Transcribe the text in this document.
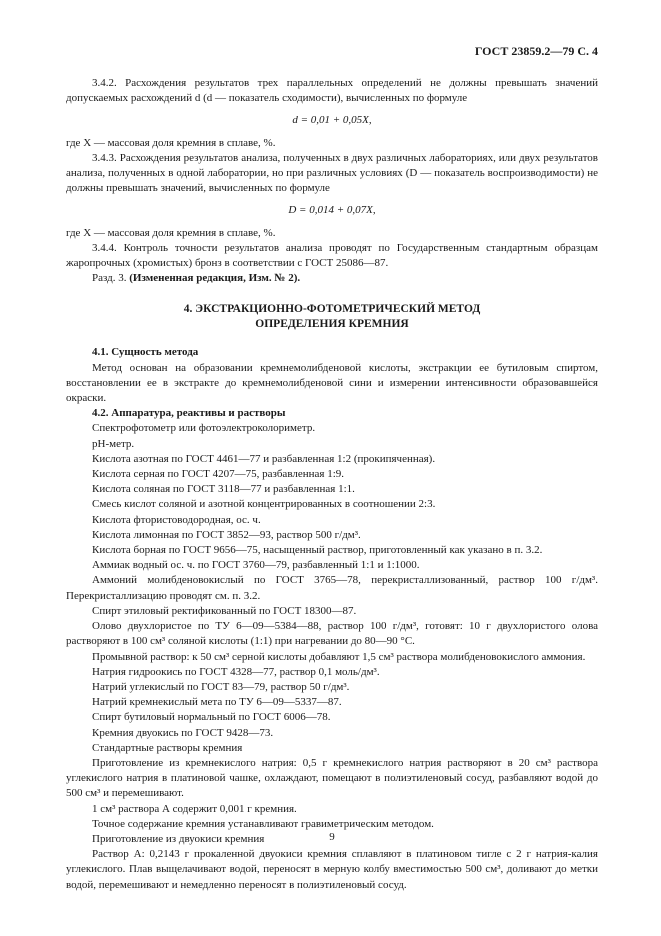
ГОСТ 23859.2—79 С. 4

3.4.2. Расхождения результатов трех параллельных определений не должны превышать значений допускаемых расхождений d (d — показатель сходимости), вычисленных по формуле

d = 0,01 + 0,05X,

где X — массовая доля кремния в сплаве, %.

3.4.3. Расхождения результатов анализа, полученных в двух различных лабораториях, или двух результатов анализа, полученных в одной лаборатории, но при различных условиях (D — показатель воспроизводимости) не должны превышать значений, вычисленных по формуле

D = 0,014 + 0,07X,

где X — массовая доля кремния в сплаве, %.

3.4.4. Контроль точности результатов анализа проводят по Государственным стандартным образцам жаропрочных (хромистых) бронз в соответствии с ГОСТ 25086—87.

Разд. 3. (Измененная редакция, Изм. № 2).

4. ЭКСТРАКЦИОННО-ФОТОМЕТРИЧЕСКИЙ МЕТОД
ОПРЕДЕЛЕНИЯ КРЕМНИЯ

4.1. Сущность метода

Метод основан на образовании кремнемолибденовой кислоты, экстракции ее бутиловым спиртом, восстановлении ее в экстракте до кремнемолибденовой сини и измерении интенсивности образовавшейся окраски.

4.2. Аппаратура, реактивы и растворы

Спектрофотометр или фотоэлектроколориметр.

pH-метр.

Кислота азотная по ГОСТ 4461—77 и разбавленная 1:2 (прокипяченная).

Кислота серная по ГОСТ 4207—75, разбавленная 1:9.

Кислота соляная по ГОСТ 3118—77 и разбавленная 1:1.

Смесь кислот соляной и азотной концентрированных в соотношении 2:3.

Кислота фтористоводородная, ос. ч.

Кислота лимонная по ГОСТ 3852—93, раствор 500 г/дм³.

Кислота борная по ГОСТ 9656—75, насыщенный раствор, приготовленный как указано в п. 3.2.

Аммиак водный ос. ч. по ГОСТ 3760—79, разбавленный 1:1 и 1:1000.

Аммоний молибденовокислый по ГОСТ 3765—78, перекристаллизованный, раствор 100 г/дм³. Перекристаллизацию проводят см. п. 3.2.

Спирт этиловый ректификованный по ГОСТ 18300—87.

Олово двухлористое по ТУ 6—09—5384—88, раствор 100 г/дм³, готовят: 10 г двухлористого олова растворяют в 100 см³ соляной кислоты (1:1) при нагревании до 80—90 °С.

Промывной раствор: к 50 см³ серной кислоты добавляют 1,5 см³ раствора молибденовокислого аммония.

Натрия гидроокись по ГОСТ 4328—77, раствор 0,1 моль/дм³.

Натрий углекислый по ГОСТ 83—79, раствор 50 г/дм³.

Натрий кремнекислый мета по ТУ 6—09—5337—87.

Спирт бутиловый нормальный по ГОСТ 6006—78.

Кремния двуокись по ГОСТ 9428—73.

Стандартные растворы кремния

Приготовление из кремнекислого натрия: 0,5 г кремнекислого натрия растворяют в 20 см³ раствора углекислого натрия в платиновой чашке, охлаждают, помещают в полиэтиленовый сосуд, разбавляют водой до 500 см³ и перемешивают.

1 см³ раствора А содержит 0,001 г кремния.

Точное содержание кремния устанавливают гравиметрическим методом.

Приготовление из двуокиси кремния

Раствор А: 0,2143 г прокаленной двуокиси кремния сплавляют в платиновом тигле с 2 г натрия-калия углекислого. Плав выщелачивают водой, переносят в мерную колбу вместимостью 500 см³, доливают до метки водой, перемешивают и немедленно переносят в полиэтиленовый сосуд.

9
